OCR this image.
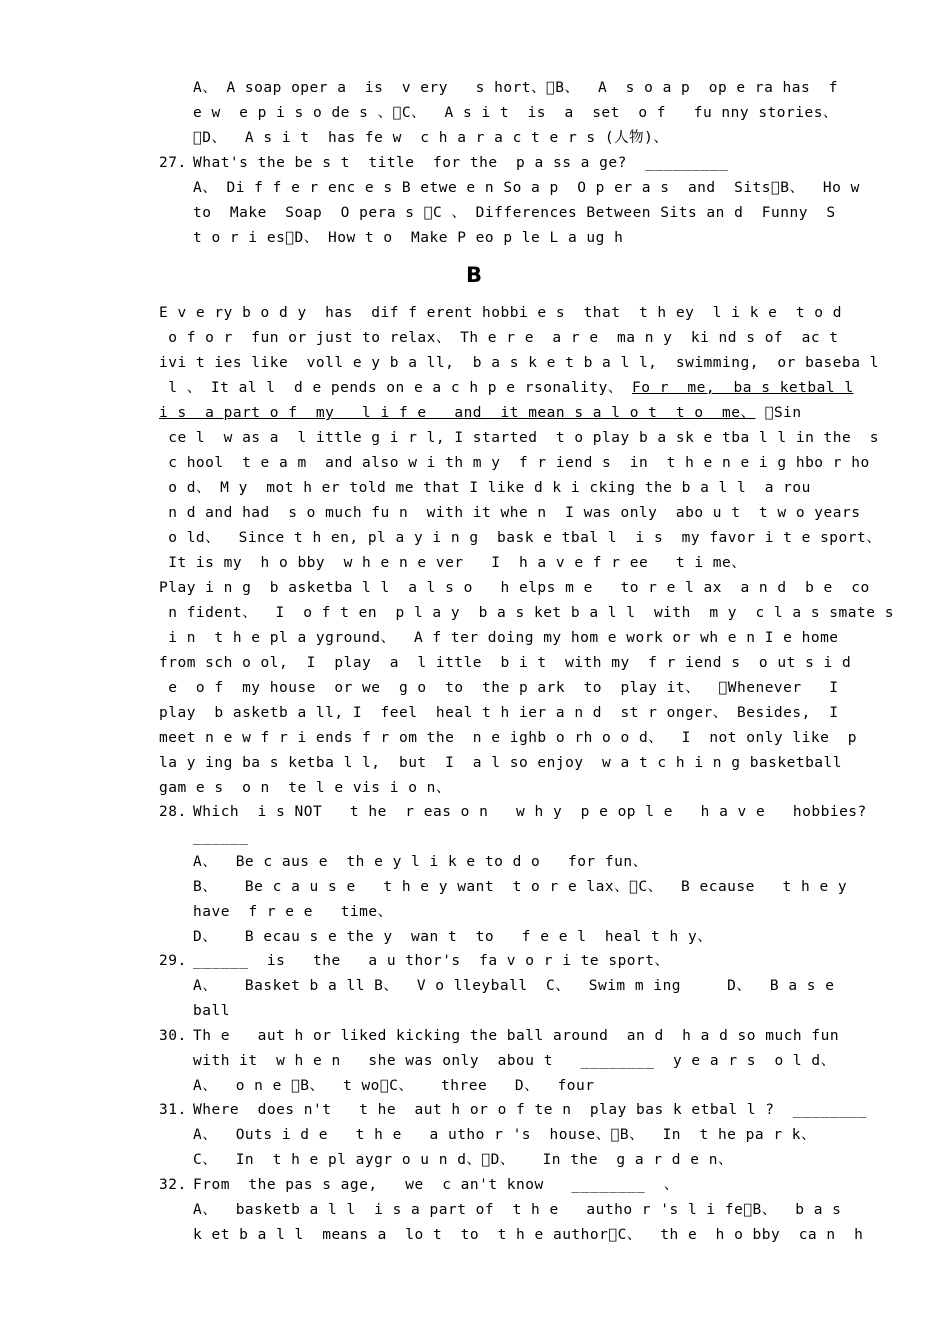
A、 A soap oper a  is  v ery   s hort、 B、  A  s o a p  op e ra has  f
e w  e p i s o de s 、 C、  A s i t  is  a  set  o f   fu nny stories、
 D、  A s i t  has fe w  c h a r a c t e r s (人物)、
27. What's the be s t  title  for the  p a ss a ge?  _________
A、 Di f f e r enc e s B etwe e n So a p  O p er a s  and  Sits B、  Ho w
to  Make  Soap  O pera s  C 、 Differences Between Sits an d  Funny  S
t o r i es D、 How t o  Make P eo p le L a ug h
B
E v e ry b o d y  has  dif f erent hobbi e s  that  t h ey  l i k e  t o d
o f o r  fun or just to relax、 Th e r e  a r e  ma n y  ki nd s of  ac t
ivi t ies like  voll e y b a ll,  b a s k e t b a l l,  swimming,  or baseba l
l 、 It al l  d e pends on e a c h p e rsonality、 Fo r  me,  ba s ketbal l
i s  a part o f  my   l i f e   and  it mean s a l o t  t o  me、  Sin
ce l  w as a  l ittle g i r l, I started  t o play b a sk e tba l l in the  s
c hool  t e a m  and also w i th m y  f r iend s  in  t h e n e i g hbo r ho
o d、 M y  mot h er told me that I like d k i cking the b a l l  a rou
n d and had  s o much fu n  with it whe n  I was only  abo u t  t w o years
o ld、  Since t h en, pl a y i n g  bask e tbal l  i s  my favor i t e sport、
It is my  h o bby  w h e n e ver   I  h a v e f r ee   t i me、
Play i n g  b asketba l l  a l s o   h elps m e   to r e l ax  a n d  b e  co
n fident、  I  o f t en  p l a y  b a s ket b a l l  with  m y  c l a s smate s
i n  t h e pl a yground、  A f ter doing my hom e work or wh e n I e home
from sch o ol,  I  play  a  l ittle  b i t  with my  f r iend s  o ut s i d
e  o f  my house  or we  g o  to  the p ark  to  play it、   Whenever   I
play  b asketb a ll, I  feel  heal t h ier a n d  st r onger、 Besides,  I
meet n e w f r i ends f r om the  n e ighb o rh o o d、  I  not only like  p
la y ing ba s ketba l l,  but  I  a l so enjoy  w a t c h i n g basketball
gam e s  o n  te l e vis i o n、
28. Which  i s NOT   t he  r eas o n   w h y  p e op l e   h a v e   hobbies?
______
A、  Be c aus e  th e y l i k e to d o   for fun、
B、   Be c a u s e   t h e y want  t o r e lax、 C、  B ecause   t h e y
have  f r e e   time、
D、   B ecau s e the y  wan t  to   f e e l  heal t h y、
29. ______  is   the   a u thor's  fa v o r i te sport、
A、   Basket b a ll B、  V o lleyball  C、  Swim m ing     D、  B a s e
ball
30. Th e   aut h or liked kicking the ball around  an d  h a d so much fun
with it  w h e n   she was only  abou t   ________  y e a r s  o l d、
A、  o n e  B、  t wo C、   three   D、  four
31. Where  does n't   t he  aut h or o f te n  play bas k etbal l ?  ________
A、  Outs i d e   t h e   a utho r 's  house、 B、  In  t he pa r k、
C、  In  t h e pl aygr o u n d、 D、   In the  g a r d e n、
32. From  the pas s age,   we  c an't know   ________  、
A、  basketb a l l  i s a part of  t h e   autho r 's l i fe B、  b a s
k et b a l l  means a  lo t  to  t h e author C、  th e  h o bby  ca n  h
